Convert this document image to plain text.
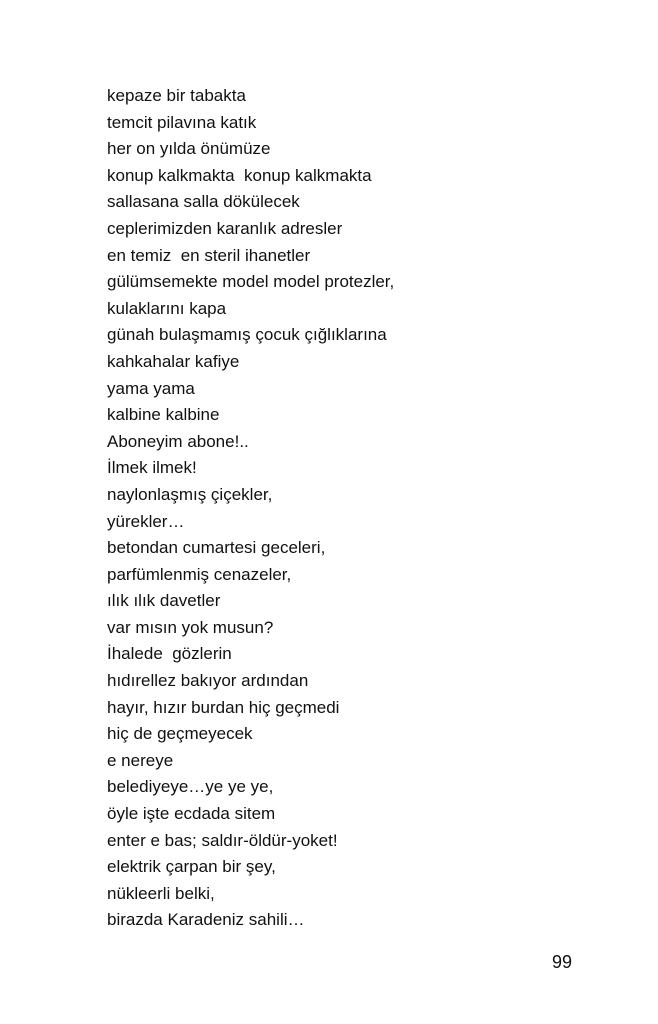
kepaze bir tabakta
temcit pilavına katık
her on yılda önümüze
konup kalkmakta  konup kalkmakta
sallasana salla dökülecek
ceplerimizden karanlık adresler
en temiz  en steril ihanetler
gülümsemekte model model protezler,
kulaklarını kapa
günah bulaşmamış çocuk çığlıklarına
kahkahalar kafiye
yama yama
kalbine kalbine
Aboneyim abone!..
İlmek ilmek!
naylonlaşmış çiçekler,
yürekler…
betondan cumartesi geceleri,
parfümlenmiş cenazeler,
ılık ılık davetler
var mısın yok musun?
İhalede  gözlerin
hıdırellez bakıyor ardından
hayır, hızır burdan hiç geçmedi
hiç de geçmeyecek
e nereye
belediyeye…ye ye ye,
öyle işte ecdada sitem
enter e bas; saldır-öldür-yoket!
elektrik çarpan bir şey,
nükleerli belki,
birazda Karadeniz sahili…
99
